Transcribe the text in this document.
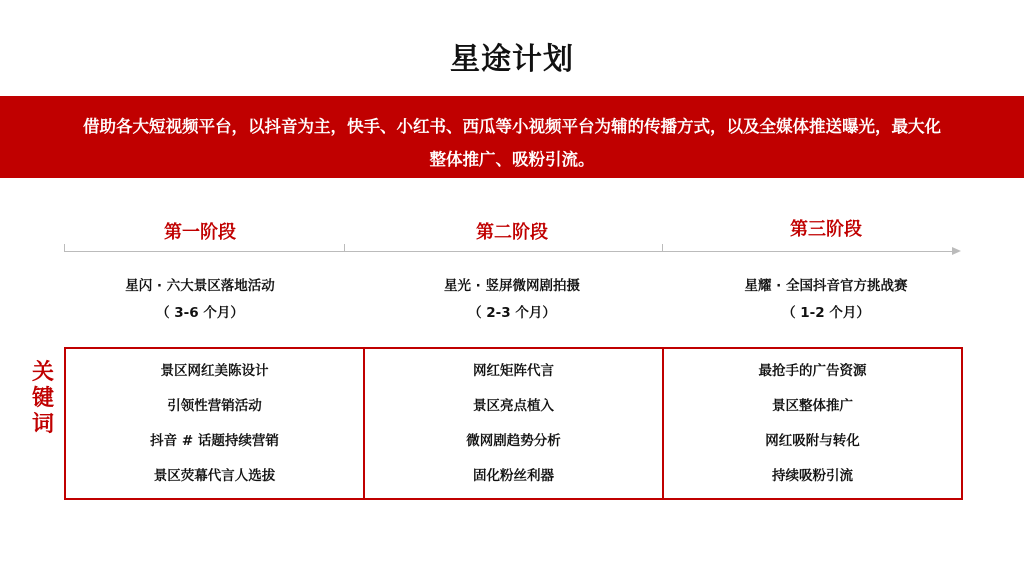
星途计划
借助各大短视频平台，以抖音为主，快手、小红书、西瓜等小视频平台为辅的传播方式，以及全媒体推送曝光，最大化
整体推广、吸粉引流。
第一阶段	第二阶段	第三阶段
星闪 · 六大景区落地活动
（ 3-6 个月）
星光 · 竖屏微网剧拍摄
（ 2-3 个月）
星耀 · 全国抖音官方挑战赛
（ 1-2 个月）
关键词
景区网红美陈设计
引领性营销活动
抖音 # 话题持续营销
景区荧幕代言人选拔
网红矩阵代言
景区亮点植入
微网剧趋势分析
固化粉丝利器
最抢手的广告资源
景区整体推广
网红吸附与转化
持续吸粉引流
